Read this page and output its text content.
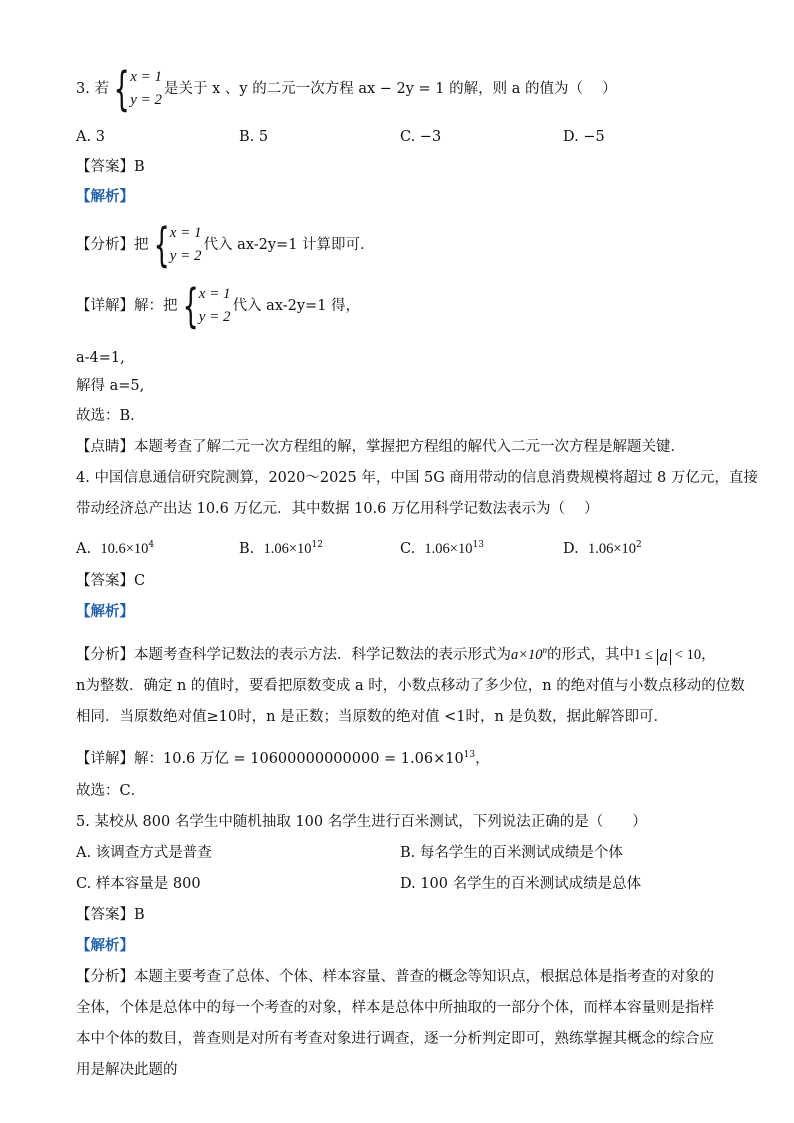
3. 若 { x = 1
y = 2
是关于 x 、y 的二元一次方程 ax − 2y = 1 的解，则 a 的值为（　 ）
A. 3	B. 5	C. −3	D. −5
【答案】B
【解析】
【分析】把 { x = 1
y = 2
代入 ax-2y=1 计算即可．
【详解】解：把 { x = 1
y = 2
代入 ax-2y=1 得，
a-4=1,
解得 a=5,
故选：B．
【点睛】本题考查了解二元一次方程组的解，掌握把方程组的解代入二元一次方程是解题关键．
4. 中国信息通信研究院测算，2020～2025 年，中国 5G 商用带动的信息消费规模将超过 8 万亿元，直接
带动经济总产出达 10.6 万亿元．其中数据 10.6 万亿用科学记数法表示为（　 ）
A. $10.6\times 10^4$	B. $1.06\times 10^{12}$	C. $1.06\times 10^{13}$	D. $1.06\times 10^2$
【答案】C
【解析】
【分析】本题考查科学记数法的表示方法．科学记数法的表示形式为$a\times 10^n$的形式，其中1 ≤ a < 10，
n为整数．确定 n 的值时，要看把原数变成 a 时，小数点移动了多少位，n 的绝对值与小数点移动的位数
相同．当原数绝对值≥10时，n 是正数；当原数的绝对值 <1时，n 是负数，据此解答即可．
【详解】解：10.6 万亿 = $10600000000000 = 1.06\times 10^{13}$，
故选：C．
5. 某校从 800 名学生中随机抽取 100 名学生进行百米测试，下列说法正确的是（　　）
A. 该调查方式是普查	B. 每名学生的百米测试成绩是个体
C. 样本容量是 800	D. 100 名学生的百米测试成绩是总体
【答案】B
【解析】
【分析】本题主要考查了总体、个体、样本容量、普查的概念等知识点，根据总体是指考查的对象的全体，个体是总体中的每一个考查的对象，样本是总体中所抽取的一部分个体，而样本容量则是指样本中个体的数目，普查则是对所有考查对象进行调查，逐一分析判定即可，熟练掌握其概念的综合应用是解决此题的
